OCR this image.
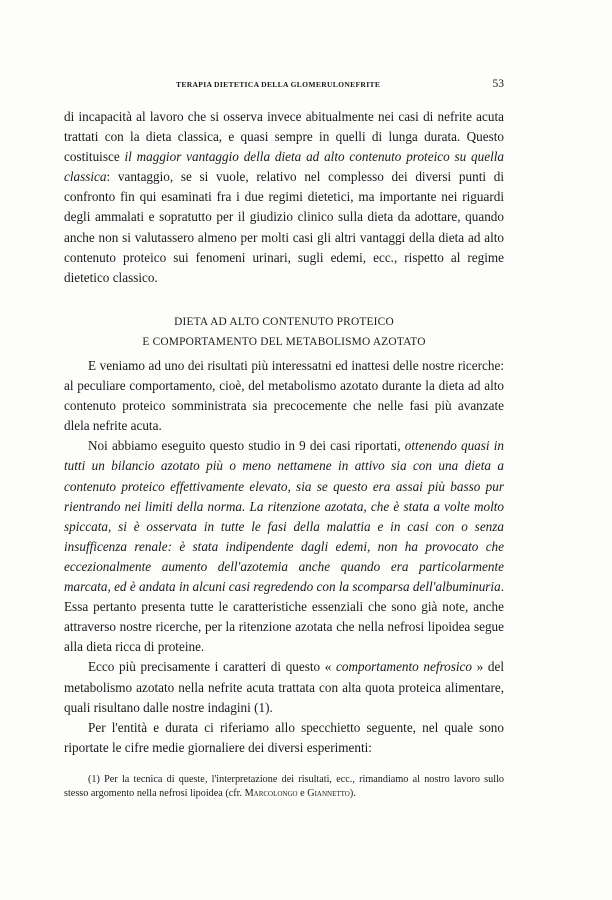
TERAPIA DIETETICA DELLA GLOMERULONEFRITE	53

di incapacità al lavoro che si osserva invece abitualmente nei casi di nefrite acuta trattati con la dieta classica, e quasi sempre in quelli di lunga durata. Questo costituisce il maggior vantaggio della dieta ad alto contenuto proteico su quella classica: vantaggio, se si vuole, relativo nel complesso dei diversi punti di confronto fin qui esaminati fra i due regimi dietetici, ma importante nei riguardi degli ammalati e sopratutto per il giudizio clinico sulla dieta da adottare, quando anche non si valutassero almeno per molti casi gli altri vantaggi della dieta ad alto contenuto proteico sui fenomeni urinari, sugli edemi, ecc., rispetto al regime dietetico classico.

DIETA AD ALTO CONTENUTO PROTEICO
E COMPORTAMENTO DEL METABOLISMO AZOTATO

E veniamo ad uno dei risultati più interessatni ed inattesi delle nostre ricerche: al peculiare comportamento, cioè, del metabolismo azotato durante la dieta ad alto contenuto proteico somministrata sia precocemente che nelle fasi più avanzate dlela nefrite acuta.

Noi abbiamo eseguito questo studio in 9 dei casi riportati, ottenendo quasi in tutti un bilancio azotato più o meno nettamene in attivo sia con una dieta a contenuto proteico effettivamente elevato, sia se questo era assai più basso pur rientrando nei limiti della norma. La ritenzione azotata, che è stata a volte molto spiccata, si è osservata in tutte le fasi della malattia e in casi con o senza insufficenza renale: è stata indipendente dagli edemi, non ha provocato che eccezionalmente aumento dell'azotemia anche quando era particolarmente marcata, ed è andata in alcuni casi regredendo con la scomparsa dell'albuminuria. Essa pertanto presenta tutte le caratteristiche essenziali che sono già note, anche attraverso nostre ricerche, per la ritenzione azotata che nella nefrosi lipoidea segue alla dieta ricca di proteine.

Ecco più precisamente i caratteri di questo « comportamento nefrosico » del metabolismo azotato nella nefrite acuta trattata con alta quota proteica alimentare, quali risultano dalle nostre indagini (1).

Per l'entità e durata ci riferiamo allo specchietto seguente, nel quale sono riportate le cifre medie giornaliere dei diversi esperimenti:

(1) Per la tecnica di queste, l'interpretazione dei risultati, ecc., rimandiamo al nostro lavoro sullo stesso argomento nella nefrosi lipoidea (cfr. Marcolongo e Giannetto).
